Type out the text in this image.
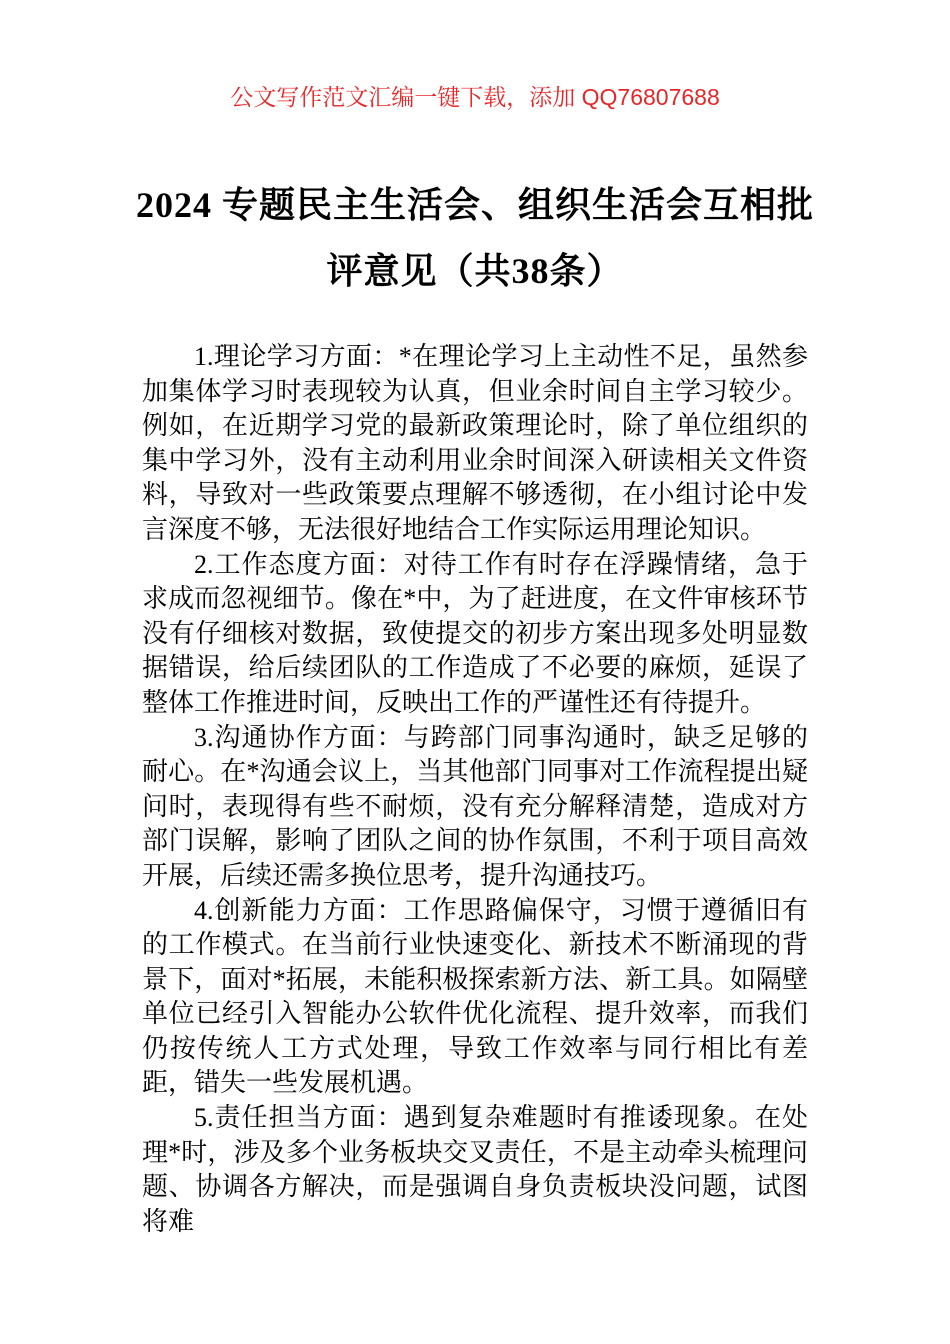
公文写作范文汇编一键下载，添加 QQ76807688
2024 专题民主生活会、组织生活会互相批
评意见（共38条）

1.理论学习方面：*在理论学习上主动性不足，虽然参加集体学习时表现较为认真，但业余时间自主学习较少。例如，在近期学习党的最新政策理论时，除了单位组织的集中学习外，没有主动利用业余时间深入研读相关文件资料，导致对一些政策要点理解不够透彻，在小组讨论中发言深度不够，无法很好地结合工作实际运用理论知识。

2.工作态度方面：对待工作有时存在浮躁情绪，急于求成而忽视细节。像在*中，为了赶进度，在文件审核环节没有仔细核对数据，致使提交的初步方案出现多处明显数据错误，给后续团队的工作造成了不必要的麻烦，延误了整体工作推进时间，反映出工作的严谨性还有待提升。

3.沟通协作方面：与跨部门同事沟通时，缺乏足够的耐心。在*沟通会议上，当其他部门同事对工作流程提出疑问时，表现得有些不耐烦，没有充分解释清楚，造成对方部门误解，影响了团队之间的协作氛围，不利于项目高效开展，后续还需多换位思考，提升沟通技巧。

4.创新能力方面：工作思路偏保守，习惯于遵循旧有的工作模式。在当前行业快速变化、新技术不断涌现的背景下，面对*拓展，未能积极探索新方法、新工具。如隔壁单位已经引入智能办公软件优化流程、提升效率，而我们仍按传统人工方式处理，导致工作效率与同行相比有差距，错失一些发展机遇。

5.责任担当方面：遇到复杂难题时有推诿现象。在处理*时，涉及多个业务板块交叉责任，不是主动牵头梳理问题、协调各方解决，而是强调自身负责板块没问题，试图将难
